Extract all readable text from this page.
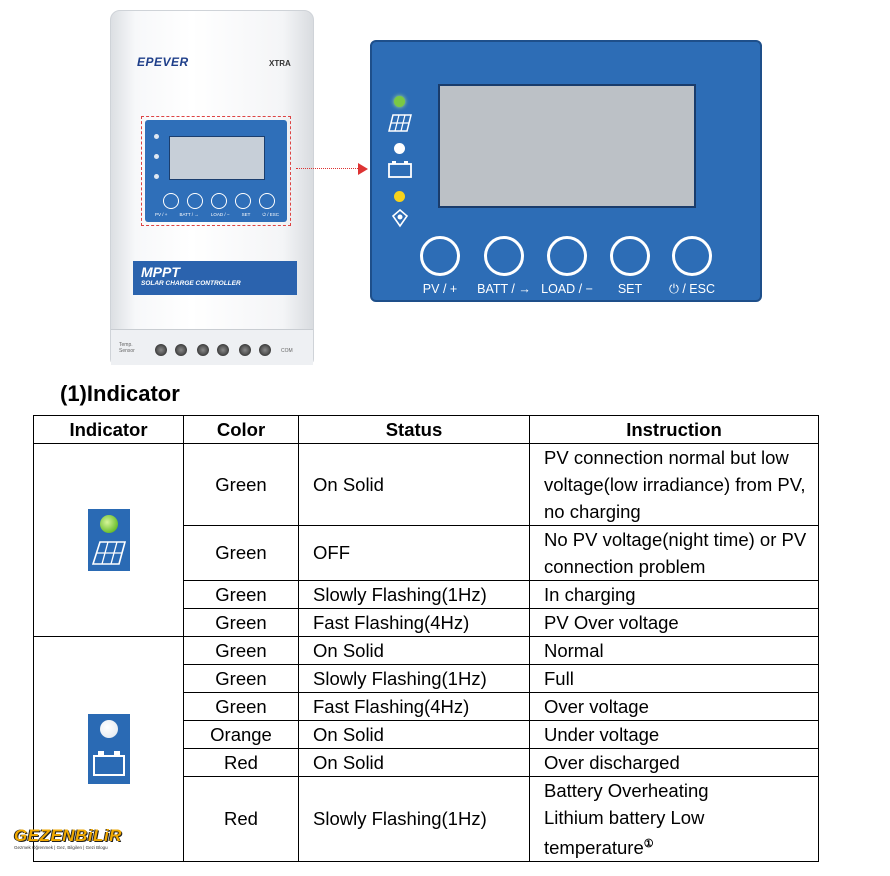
EPEVER	XTRA
PV / +	BATT / →	LOAD / −	SET	⏻ / ESC
MPPT
SOLAR CHARGE CONTROLLER
Temp. Sensor	COM
PV / + BATT / → LOAD / − SET ⏻ / ESC
(1)Indicator
Indicator	Color	Status	Instruction

	Green	On Solid	PV connection normal but low voltage(low irradiance) from PV, no charging
	Green	OFF	No PV voltage(night time) or PV connection problem
	Green	Slowly Flashing(1Hz)	In charging
	Green	Fast Flashing(4Hz)	PV Over voltage

	Green	On Solid	Normal
	Green	Slowly Flashing(1Hz)	Full
	Green	Fast Flashing(4Hz)	Over voltage
	Orange	On Solid	Under voltage
	Red	On Solid	Over discharged
	Red	Slowly Flashing(1Hz)	Battery Overheating
Lithium battery Low
temperature①
GEZENBiLiR
Gezmek Öğrenmek | Gez, Bilgilen | Gezi Blogu
